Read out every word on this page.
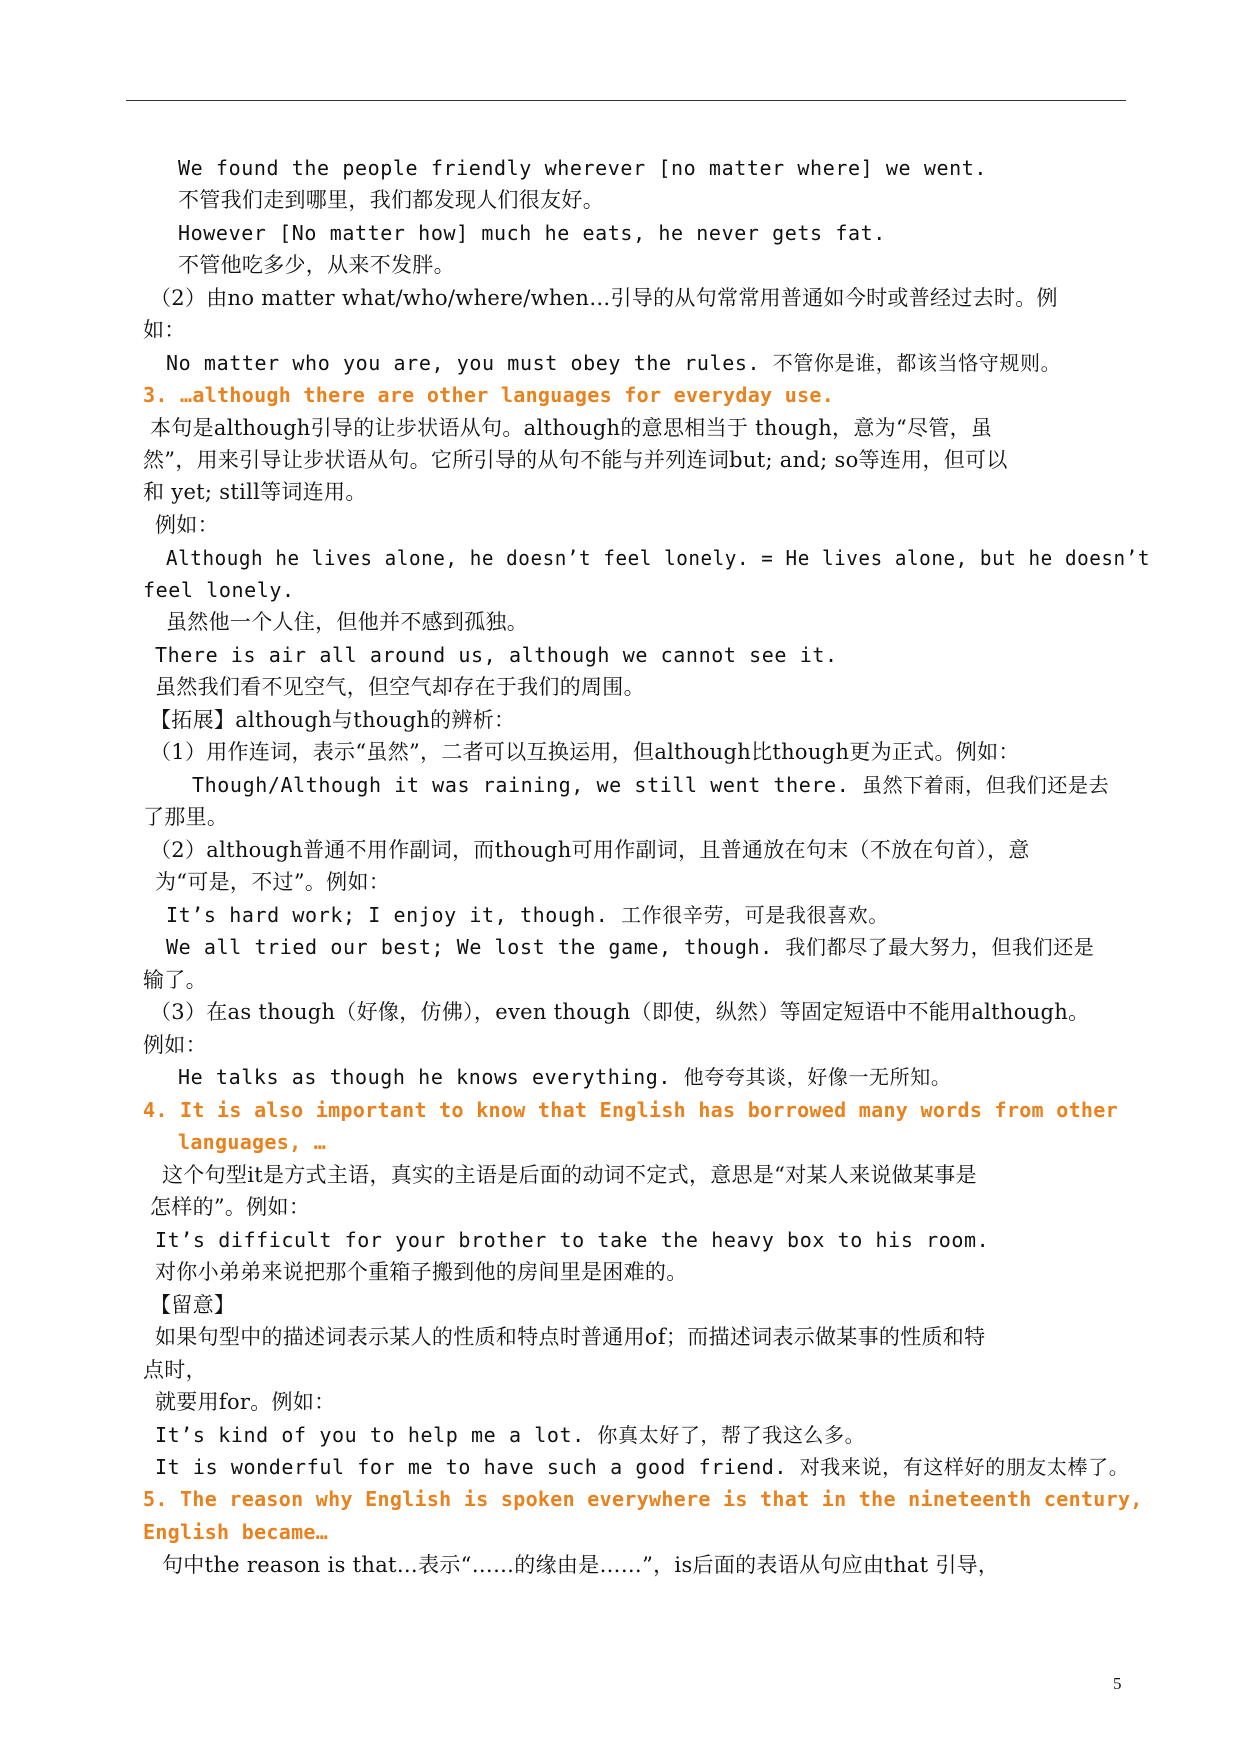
We found the people friendly wherever [no matter where] we went.
不管我们走到哪里，我们都发现人们很友好。
However [No matter how] much he eats, he never gets fat.
不管他吃多少，从来不发胖。
（2）由no matter what/who/where/when…引导的从句常常用普通如今时或普经过去时。例
如：
No matter who you are, you must obey the rules. 不管你是谁，都该当恪守规则。
3. …although there are other languages for everyday use.
本句是although引导的让步状语从句。although的意思相当于 though，意为“尽管，虽
然”，用来引导让步状语从句。它所引导的从句不能与并列连词but; and; so等连用，但可以
和 yet; still等词连用。
例如：
Although he lives alone, he doesn’t feel lonely. = He lives alone, but he doesn’t
feel lonely.
虽然他一个人住，但他并不感到孤独。
There is air all around us, although we cannot see it.
虽然我们看不见空气，但空气却存在于我们的周围。
【拓展】although与though的辨析：
（1）用作连词，表示“虽然”，二者可以互换运用，但although比though更为正式。例如：
Though/Although it was raining, we still went there. 虽然下着雨，但我们还是去
了那里。
（2）although普通不用作副词，而though可用作副词，且普通放在句末（不放在句首），意
为“可是，不过”。例如：
It’s hard work; I enjoy it, though. 工作很辛劳，可是我很喜欢。
We all tried our best; We lost the game, though. 我们都尽了最大努力，但我们还是
输了。
（3）在as though（好像，仿佛），even though（即使，纵然）等固定短语中不能用although。
例如：
He talks as though he knows everything. 他夸夸其谈，好像一无所知。
4. It is also important to know that English has borrowed many words from other
languages, …
这个句型it是方式主语，真实的主语是后面的动词不定式，意思是“对某人来说做某事是
怎样的”。例如：
It’s difficult for your brother to take the heavy box to his room.
对你小弟弟来说把那个重箱子搬到他的房间里是困难的。
【留意】
如果句型中的描述词表示某人的性质和特点时普通用of；而描述词表示做某事的性质和特
点时，
就要用for。例如：
It’s kind of you to help me a lot. 你真太好了，帮了我这么多。
It is wonderful for me to have such a good friend. 对我来说，有这样好的朋友太棒了。
5. The reason why English is spoken everywhere is that in the nineteenth century,
English became…
句中the reason is that…表示“……的缘由是……”，is后面的表语从句应由that 引导，
5
